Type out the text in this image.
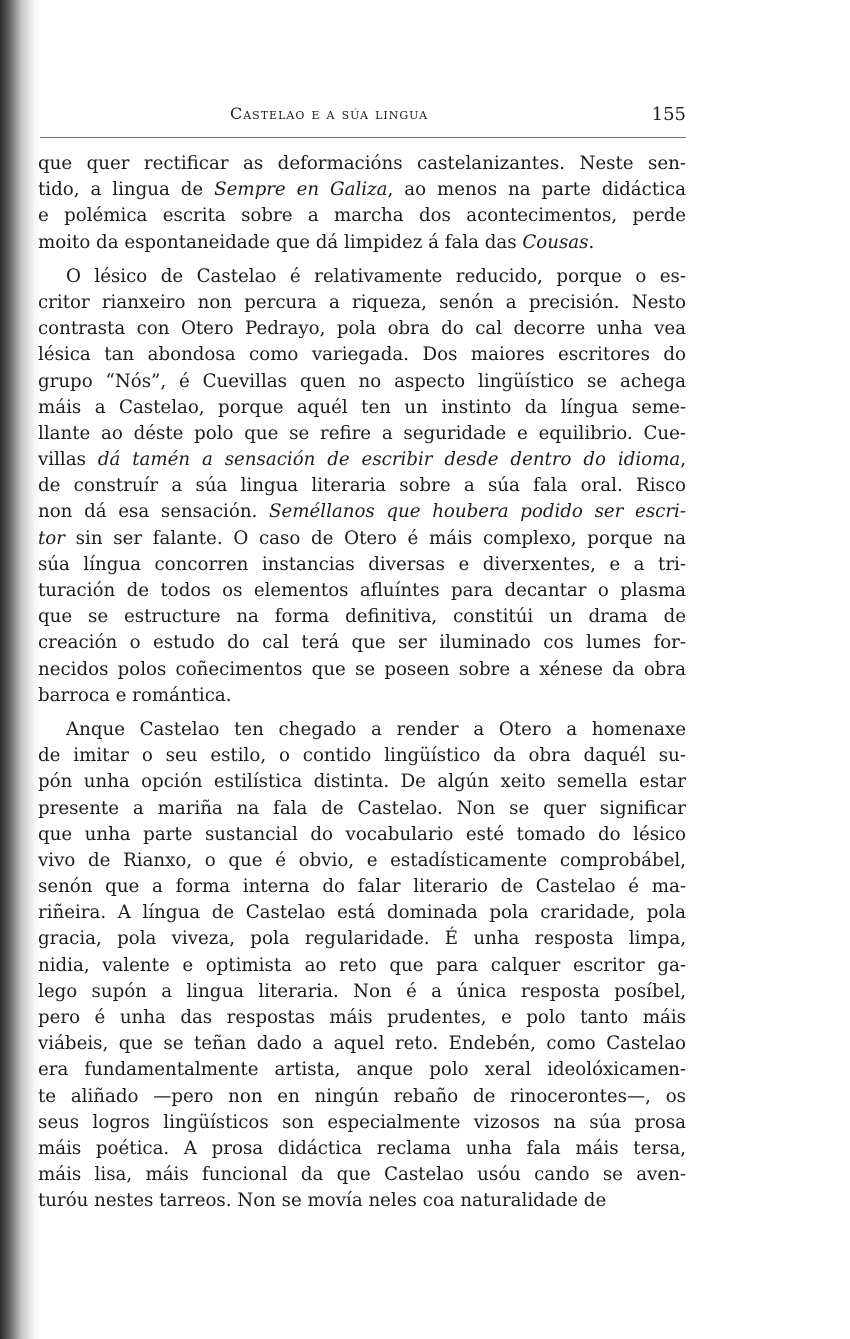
Castelao e a súa lingua	155
que quer rectificar as deformacións castelanizantes. Neste sen-
tido, a lingua de Sempre en Galiza, ao menos na parte didáctica
e polémica escrita sobre a marcha dos acontecimentos, perde
moito da espontaneidade que dá limpidez á fala das Cousas.
O lésico de Castelao é relativamente reducido, porque o es-
critor rianxeiro non percura a riqueza, senón a precisión. Nesto
contrasta con Otero Pedrayo, pola obra do cal decorre unha vea
lésica tan abondosa como variegada. Dos maiores escritores do
grupo “Nós”, é Cuevillas quen no aspecto lingüístico se achega
máis a Castelao, porque aquél ten un instinto da língua seme-
llante ao déste polo que se refire a seguridade e equilibrio. Cue-
villas dá tamén a sensación de escribir desde dentro do idioma,
de construír a súa lingua literaria sobre a súa fala oral. Risco
non dá esa sensación. Seméllanos que houbera podido ser escri-
tor sin ser falante. O caso de Otero é máis complexo, porque na
súa língua concorren instancias diversas e diverxentes, e a tri-
turación de todos os elementos afluíntes para decantar o plasma
que se estructure na forma definitiva, constitúi un drama de
creación o estudo do cal terá que ser iluminado cos lumes for-
necidos polos coñecimentos que se poseen sobre a xénese da obra
barroca e romántica.
Anque Castelao ten chegado a render a Otero a homenaxe
de imitar o seu estilo, o contido lingüístico da obra daquél su-
pón unha opción estilística distinta. De algún xeito semella estar
presente a mariña na fala de Castelao. Non se quer significar
que unha parte sustancial do vocabulario esté tomado do lésico
vivo de Rianxo, o que é obvio, e estadísticamente comprobábel,
senón que a forma interna do falar literario de Castelao é ma-
riñeira. A língua de Castelao está dominada pola craridade, pola
gracia, pola viveza, pola regularidade. É unha resposta limpa,
nidia, valente e optimista ao reto que para calquer escritor ga-
lego supón a lingua literaria. Non é a única resposta posíbel,
pero é unha das respostas máis prudentes, e polo tanto máis
viábeis, que se teñan dado a aquel reto. Endebén, como Castelao
era fundamentalmente artista, anque polo xeral ideolóxicamen-
te aliñado —pero non en ningún rebaño de rinocerontes—, os
seus logros lingüísticos son especialmente vizosos na súa prosa
máis poética. A prosa didáctica reclama unha fala máis tersa,
máis lisa, máis funcional da que Castelao usóu cando se aven-
turóu nestes tarreos. Non se movía neles coa naturalidade de
